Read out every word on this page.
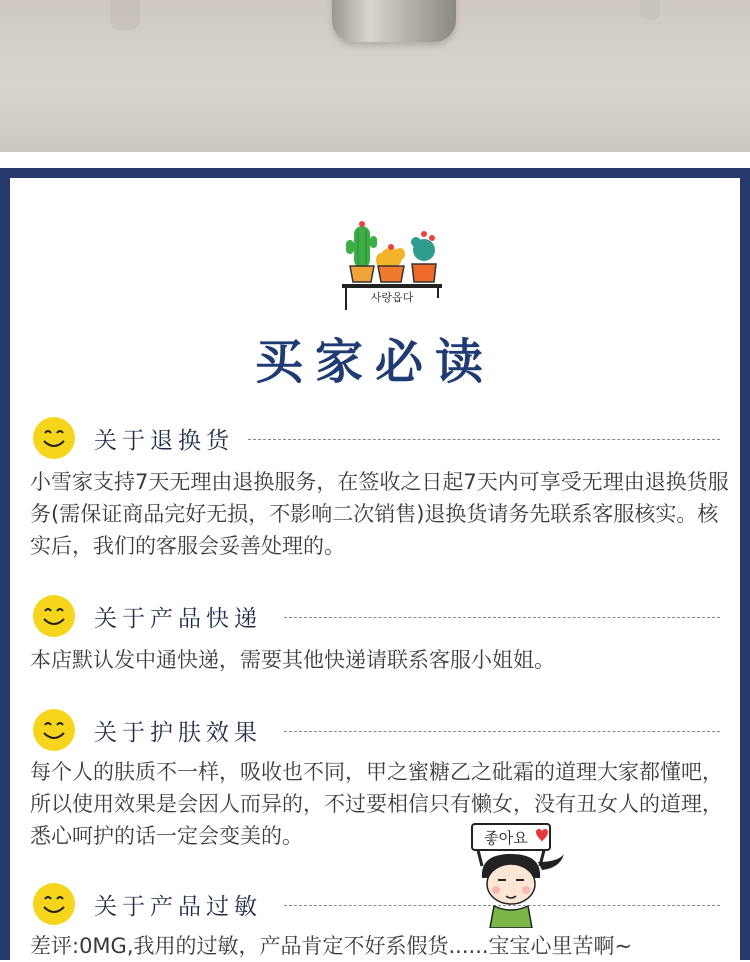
사랑옵다
买家必读
关于退换货
小雪家支持7天无理由退换服务，在签收之日起7天内可享受无理由退换货服务(需保证商品完好无损，不影响二次销售)退换货请务先联系客服核实。核实后，我们的客服会妥善处理的。
关于产品快递
本店默认发中通快递，需要其他快递请联系客服小姐姐。
关于护肤效果
每个人的肤质不一样，吸收也不同，甲之蜜糖乙之砒霜的道理大家都懂吧，所以使用效果是会因人而异的，不过要相信只有懒女，没有丑女人的道理，悉心呵护的话一定会变美的。
关于产品过敏
差评:0MG,我用的过敏，产品肯定不好系假货......宝宝心里苦啊~
좋아요
